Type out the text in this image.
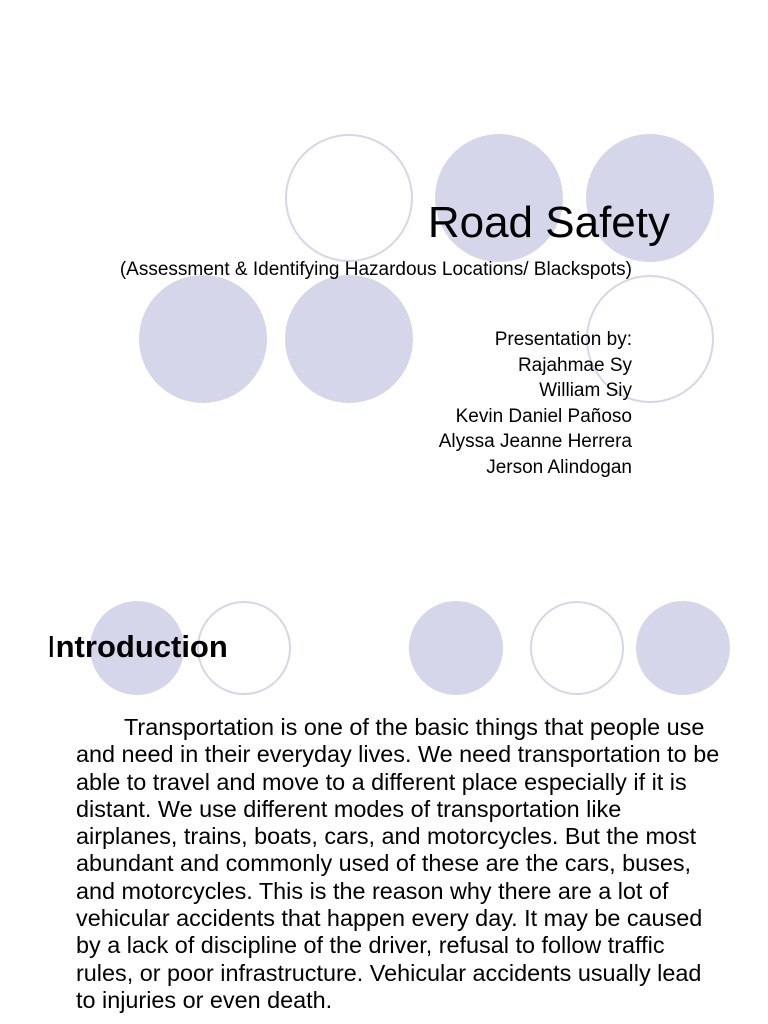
Road Safety
(Assessment & Identifying Hazardous Locations/ Blackspots)
Presentation by:
Rajahmae Sy
William Siy
Kevin Daniel Pañoso
Alyssa Jeanne Herrera
Jerson Alindogan
Introduction
Transportation is one of the basic things that people use and need in their everyday lives. We need transportation to be able to travel and move to a different place especially if it is distant. We use different modes of transportation like airplanes, trains, boats, cars, and motorcycles. But the most abundant and commonly used of these are the cars, buses, and motorcycles. This is the reason why there are a lot of vehicular accidents that happen every day. It may be caused by a lack of discipline of the driver, refusal to follow traffic rules, or poor infrastructure. Vehicular accidents usually lead to injuries or even death.
